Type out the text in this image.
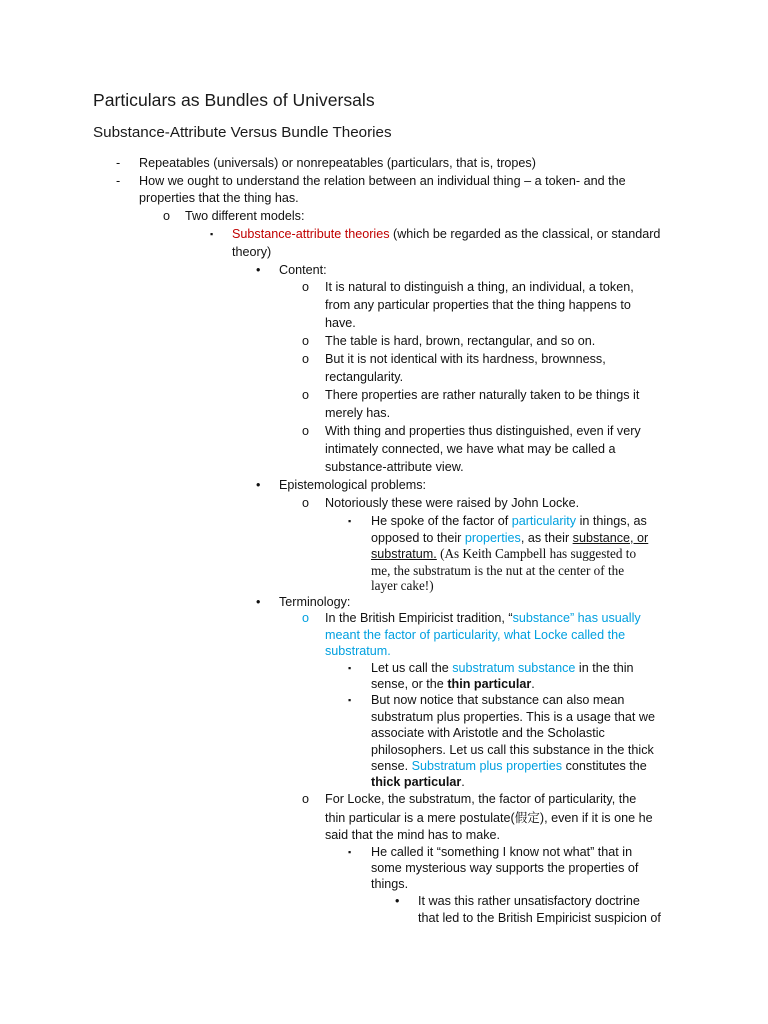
Particulars as Bundles of Universals
Substance-Attribute Versus Bundle Theories
- Repeatables (universals) or nonrepeatables (particulars, that is, tropes)
- How we ought to understand the relation between an individual thing – a token- and the
properties that the thing has.
o Two different models:
▪ Substance-attribute theories (which be regarded as the classical, or standard
theory)
• Content:
o It is natural to distinguish a thing, an individual, a token,
from any particular properties that the thing happens to
have.
o The table is hard, brown, rectangular, and so on.
o But it is not identical with its hardness, brownness,
rectangularity.
o There properties are rather naturally taken to be things it
merely has.
o With thing and properties thus distinguished, even if very
intimately connected, we have what may be called a
substance-attribute view.
• Epistemological problems:
o Notoriously these were raised by John Locke.
▪ He spoke of the factor of particularity in things, as
opposed to their properties, as their substance, or
substratum. (As Keith Campbell has suggested to
me, the substratum is the nut at the center of the
layer cake!)
• Terminology:
o In the British Empiricist tradition, “substance” has usually
meant the factor of particularity, what Locke called the
substratum.
▪ Let us call the substratum substance in the thin
sense, or the thin particular.
▪ But now notice that substance can also mean
substratum plus properties. This is a usage that we
associate with Aristotle and the Scholastic
philosophers. Let us call this substance in the thick
sense. Substratum plus properties constitutes the
thick particular.
o For Locke, the substratum, the factor of particularity, the
thin particular is a mere postulate(假定), even if it is one he
said that the mind has to make.
▪ He called it “something I know not what” that in
some mysterious way supports the properties of
things.
• It was this rather unsatisfactory doctrine
that led to the British Empiricist suspicion of
